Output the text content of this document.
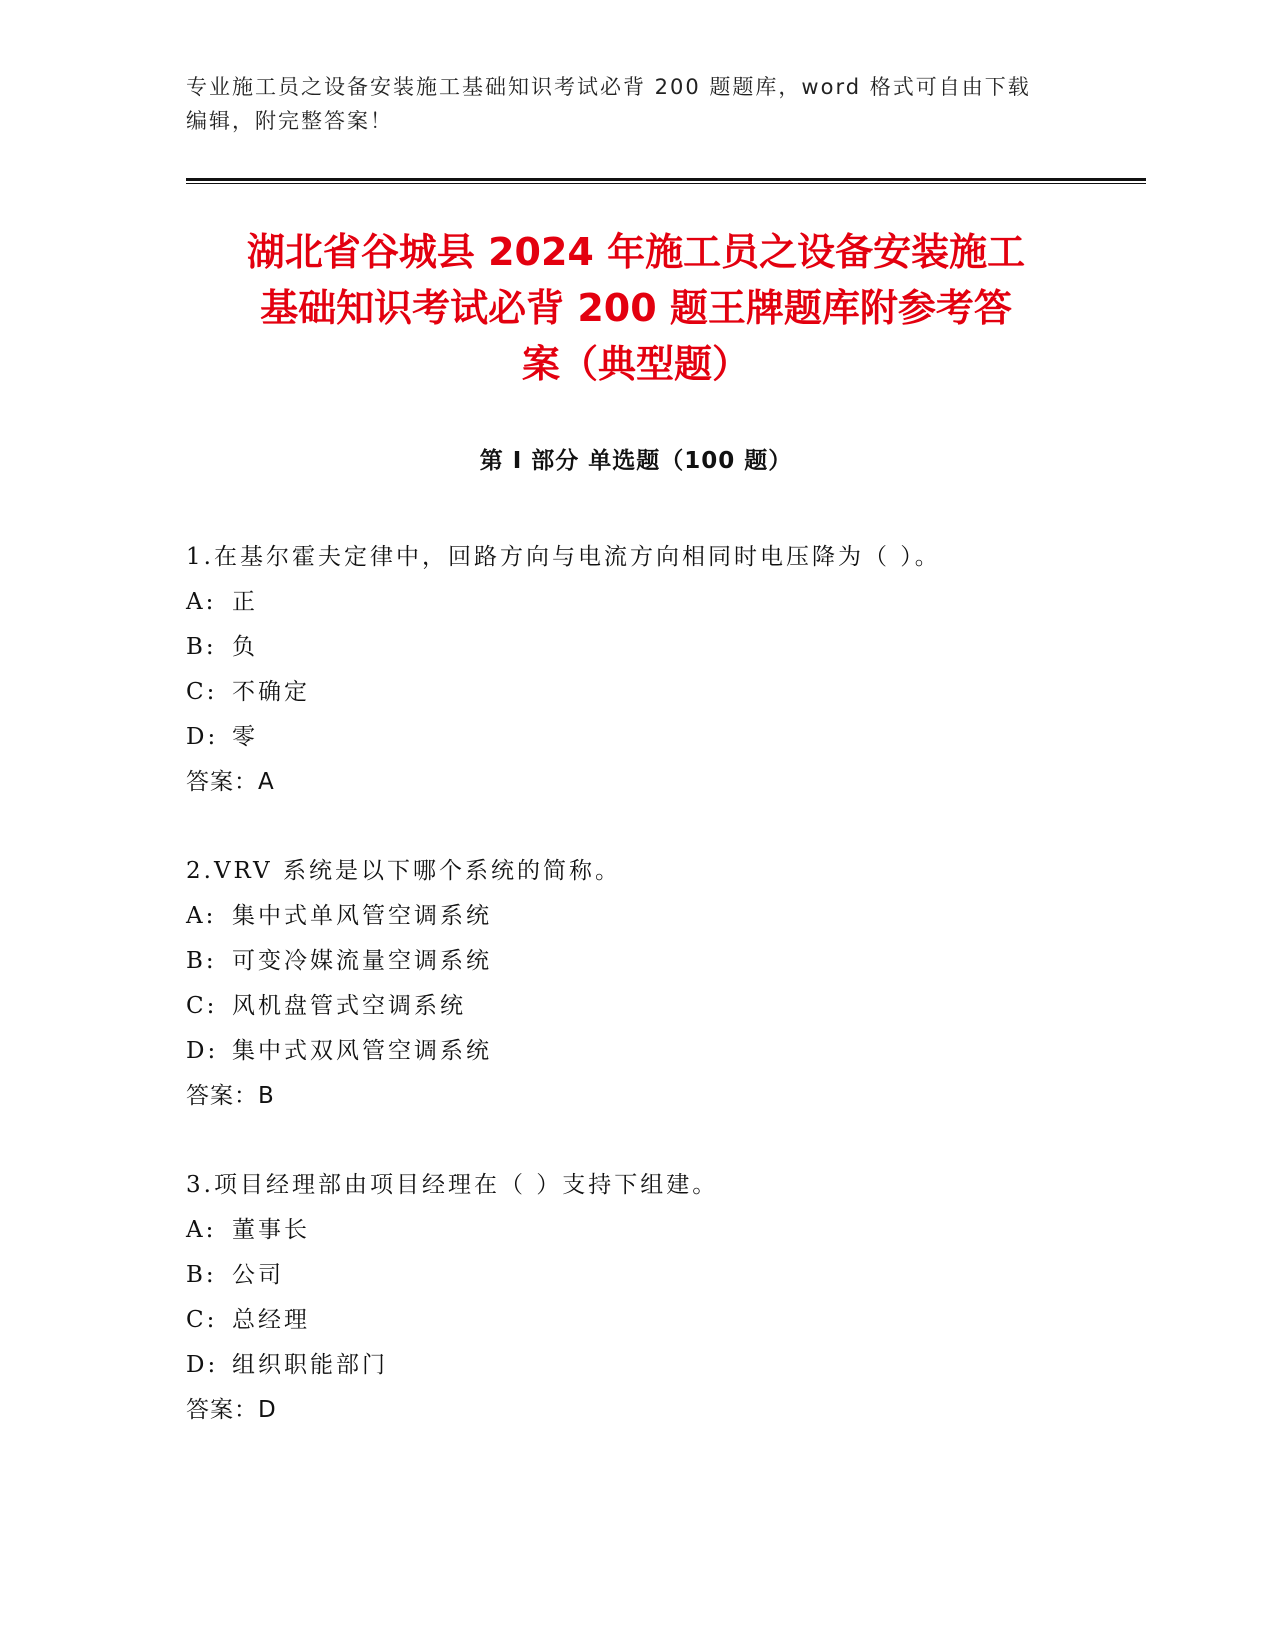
专业施工员之设备安装施工基础知识考试必背 200 题题库，word 格式可自由下载
编辑，附完整答案！
湖北省谷城县 2024 年施工员之设备安装施工
基础知识考试必背 200 题王牌题库附参考答
案（典型题）
第 I 部分 单选题（100 题）

1.在基尔霍夫定律中，回路方向与电流方向相同时电压降为（ ）。

A: 正

B: 负

C: 不确定

D: 零

答案：A

2.VRV 系统是以下哪个系统的简称。

A: 集中式单风管空调系统

B: 可变冷媒流量空调系统

C: 风机盘管式空调系统

D: 集中式双风管空调系统

答案：B

3.项目经理部由项目经理在（ ）支持下组建。

A: 董事长

B: 公司

C: 总经理

D: 组织职能部门

答案：D
